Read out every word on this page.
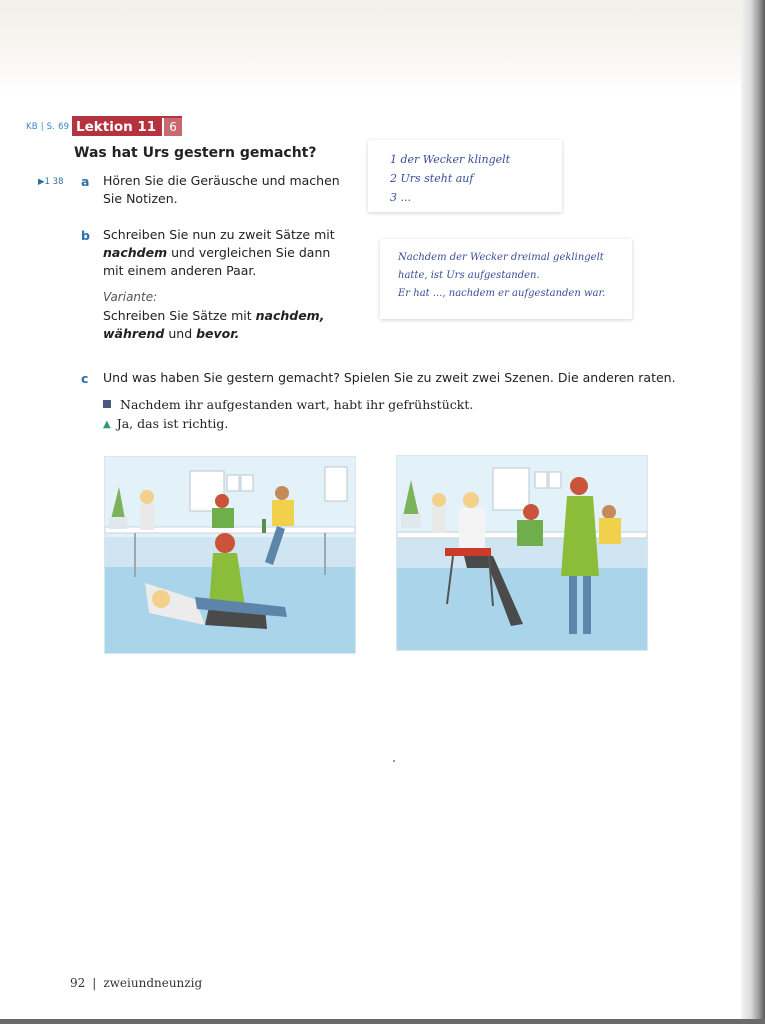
KB | S. 69 Lektion 11	6
Was hat Urs gestern gemacht?
▶1 38 a Hören Sie die Geräusche und machen
Sie Notizen.
b Schreiben Sie nun zu zweit Sätze mit
nachdem und vergleichen Sie dann
mit einem anderen Paar.
Variante:
Schreiben Sie Sätze mit nachdem,
während und bevor.
1 der Wecker klingelt
2 Urs steht auf
3 ...
Nachdem der Wecker dreimal geklingelt
hatte, ist Urs aufgestanden.
Er hat ..., nachdem er aufgestanden war.
c Und was haben Sie gestern gemacht? Spielen Sie zu zweit zwei Szenen. Die anderen raten.
Nachdem ihr aufgestanden wart, habt ihr gefrühstückt.
▲ Ja, das ist richtig.
92 | zweiundneunzig
